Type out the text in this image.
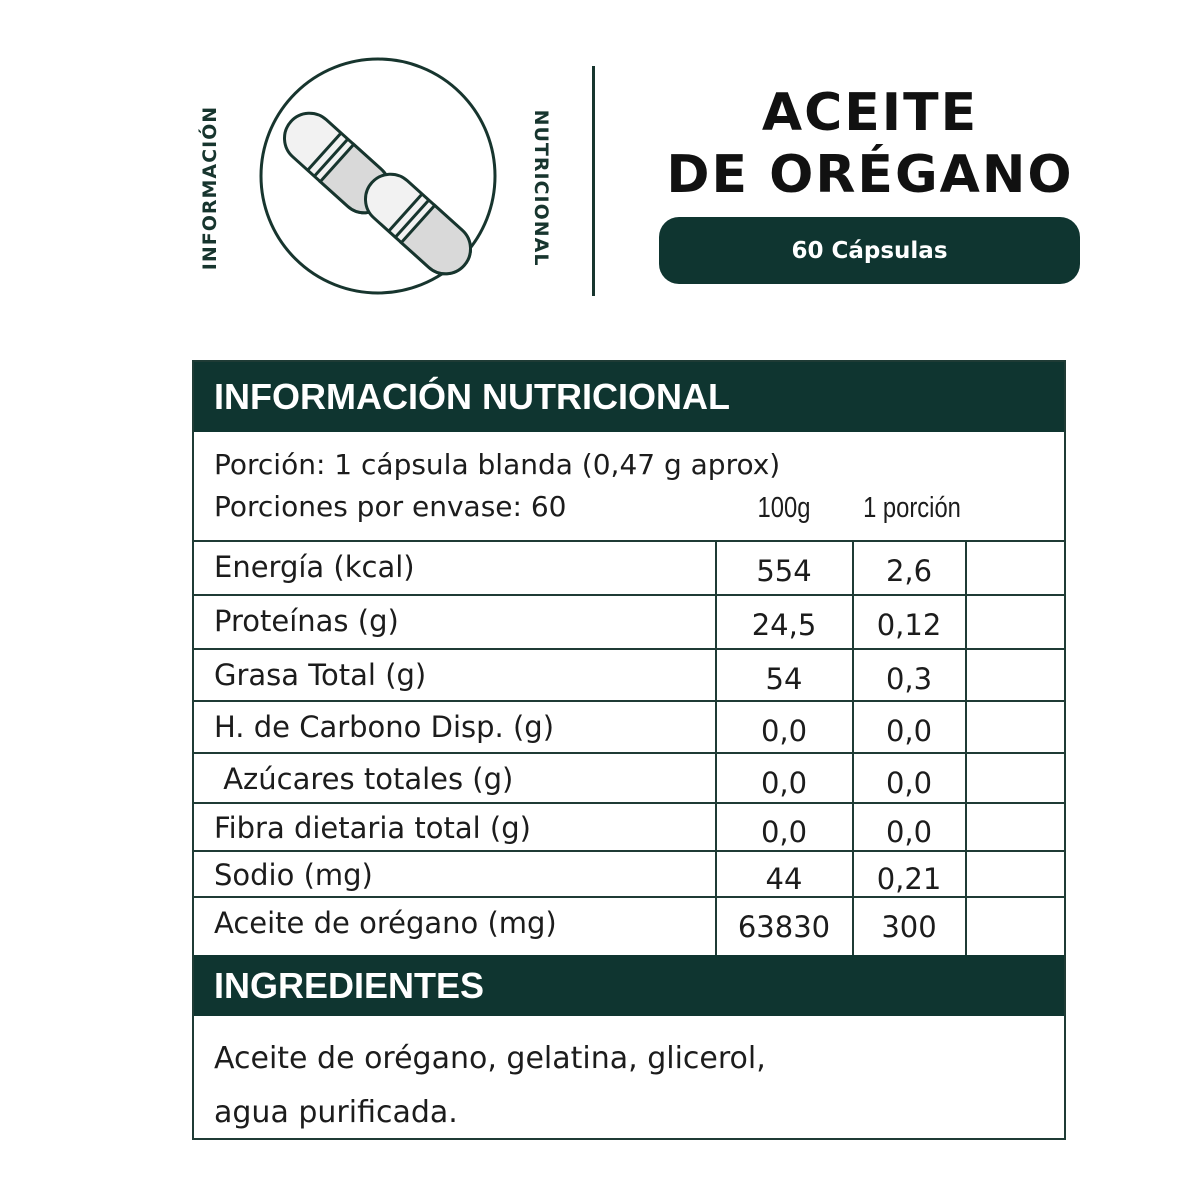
INFORMACIÓN	NUTRICIONAL	ACEITE
DE ORÉGANO
60 Cápsulas
INFORMACIÓN NUTRICIONAL
Porción: 1 cápsula blanda (0,47 g aprox)
Porciones por envase: 60	100g	1 porción
Energía (kcal)	554	2,6
Proteínas (g)	24,5	0,12
Grasa Total (g)	54	0,3
H. de Carbono Disp. (g)	0,0	0,0
Azúcares totales (g)	0,0	0,0
Fibra dietaria total (g)	0,0	0,0
Sodio (mg)	44	0,21
Aceite de orégano (mg)	63830	300
INGREDIENTES
Aceite de orégano, gelatina, glicerol,
agua purificada.
